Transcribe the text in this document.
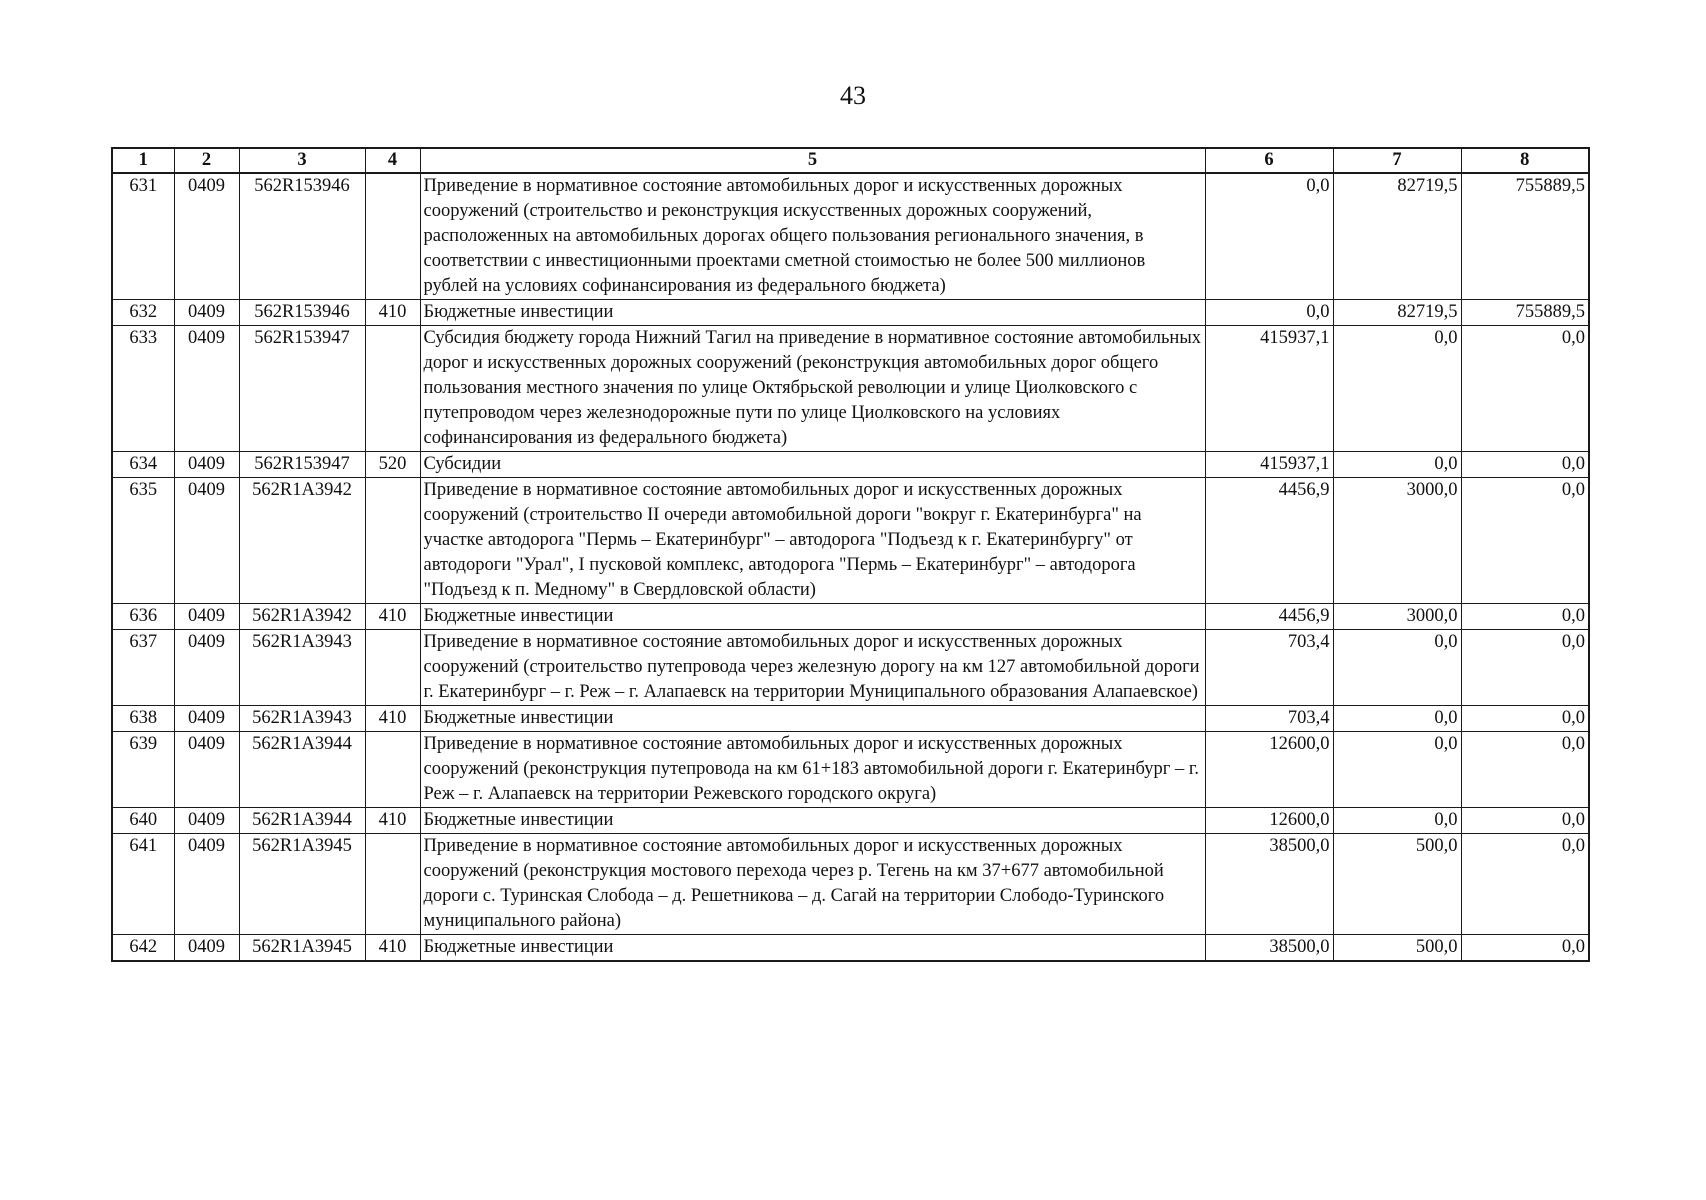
43
1	2	3	4	5	6	7	8
631	0409	562R153946		Приведение в нормативное состояние автомобильных дорог и искусственных дорожных сооружений (строительство и реконструкция искусственных дорожных сооружений, расположенных на автомобильных дорогах общего пользования регионального значения, в соответствии с инвестиционными проектами сметной стоимостью не более 500 миллионов рублей на условиях софинансирования из федерального бюджета)	0,0	82719,5	755889,5
632	0409	562R153946	410	Бюджетные инвестиции	0,0	82719,5	755889,5
633	0409	562R153947		Субсидия бюджету города Нижний Тагил на приведение в нормативное состояние автомобильных дорог и искусственных дорожных сооружений (реконструкция автомобильных дорог общего пользования местного значения по улице Октябрьской революции и улице Циолковского с путепроводом через железнодорожные пути по улице Циолковского на условиях софинансирования из федерального бюджета)	415937,1	0,0	0,0
634	0409	562R153947	520	Субсидии	415937,1	0,0	0,0
635	0409	562R1A3942		Приведение в нормативное состояние автомобильных дорог и искусственных дорожных сооружений (строительство II очереди автомобильной дороги "вокруг г. Екатеринбурга" на участке автодорога "Пермь – Екатеринбург" – автодорога "Подъезд к г. Екатеринбургу" от автодороги "Урал", I пусковой комплекс, автодорога "Пермь – Екатеринбург" – автодорога "Подъезд к п. Медному" в Свердловской области)	4456,9	3000,0	0,0
636	0409	562R1A3942	410	Бюджетные инвестиции	4456,9	3000,0	0,0
637	0409	562R1A3943		Приведение в нормативное состояние автомобильных дорог и искусственных дорожных сооружений (строительство путепровода через железную дорогу на км 127 автомобильной дороги г. Екатеринбург – г. Реж – г. Алапаевск на территории Муниципального образования Алапаевское)	703,4	0,0	0,0
638	0409	562R1A3943	410	Бюджетные инвестиции	703,4	0,0	0,0
639	0409	562R1A3944		Приведение в нормативное состояние автомобильных дорог и искусственных дорожных сооружений (реконструкция путепровода на км 61+183 автомобильной дороги г. Екатеринбург – г. Реж – г. Алапаевск на территории Режевского городского округа)	12600,0	0,0	0,0
640	0409	562R1A3944	410	Бюджетные инвестиции	12600,0	0,0	0,0
641	0409	562R1A3945		Приведение в нормативное состояние автомобильных дорог и искусственных дорожных сооружений (реконструкция мостового перехода через р. Тегень на км 37+677 автомобильной дороги с. Туринская Слобода – д. Решетникова – д. Сагай на территории Слободо-Туринского муниципального района)	38500,0	500,0	0,0
642	0409	562R1A3945	410	Бюджетные инвестиции	38500,0	500,0	0,0
